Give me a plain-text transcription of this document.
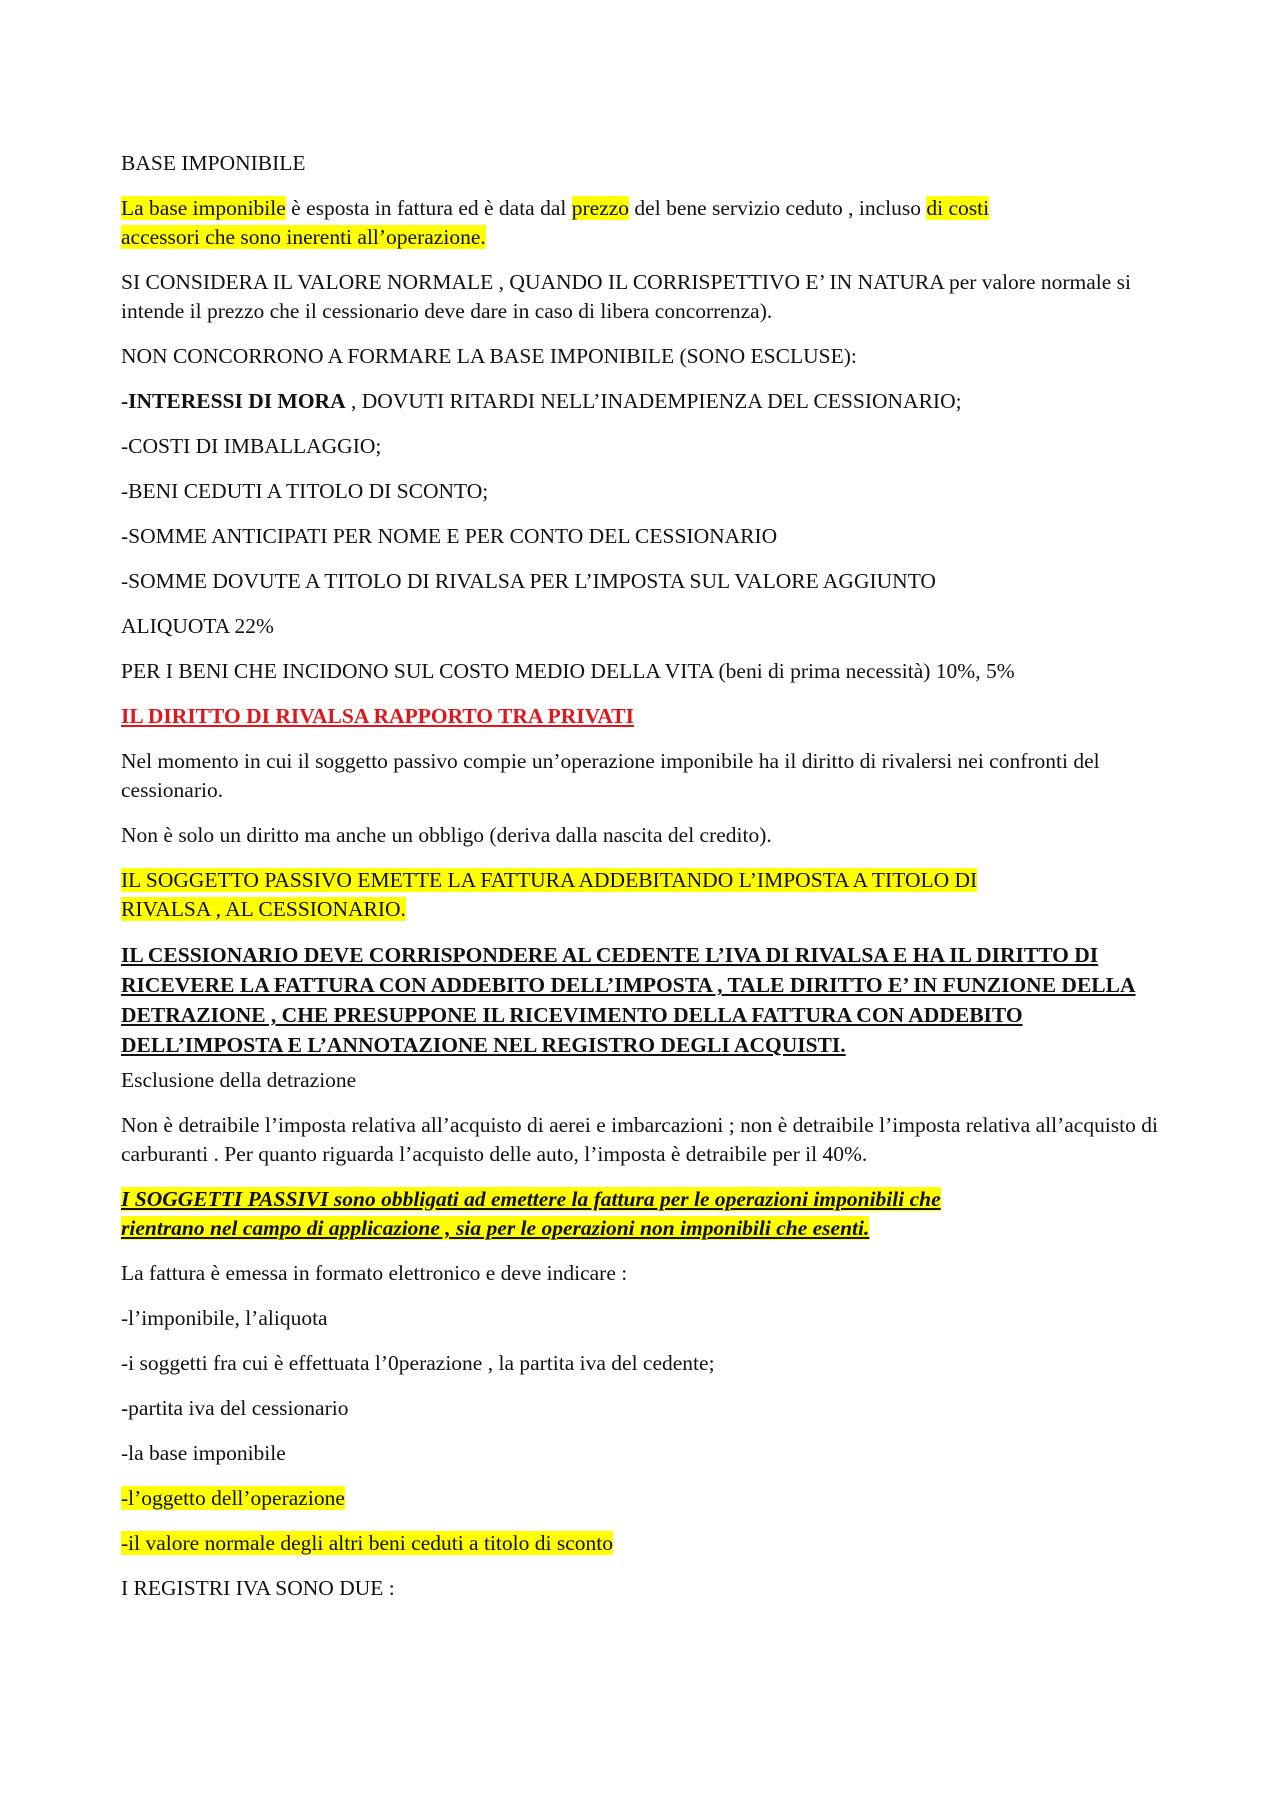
BASE IMPONIBILE

La base imponibile è esposta in fattura ed è data dal prezzo del bene servizio ceduto , incluso di costi
accessori che sono inerenti all’operazione.

SI CONSIDERA IL VALORE NORMALE , QUANDO IL CORRISPETTIVO E’ IN NATURA per valore normale si intende il prezzo che il cessionario deve dare in caso di libera concorrenza).

NON CONCORRONO A FORMARE LA BASE IMPONIBILE (SONO ESCLUSE):

-INTERESSI DI MORA , DOVUTI RITARDI NELL’INADEMPIENZA DEL CESSIONARIO;

-COSTI DI IMBALLAGGIO;

-BENI CEDUTI A TITOLO DI SCONTO;

-SOMME ANTICIPATI PER NOME E PER CONTO DEL CESSIONARIO

-SOMME DOVUTE A TITOLO DI RIVALSA PER L’IMPOSTA SUL VALORE AGGIUNTO

ALIQUOTA 22%

PER I BENI CHE INCIDONO SUL COSTO MEDIO DELLA VITA (beni di prima necessità) 10%, 5%

IL DIRITTO DI RIVALSA RAPPORTO TRA PRIVATI

Nel momento in cui il soggetto passivo compie un’operazione imponibile ha il diritto di rivalersi nei confronti del cessionario.

Non è solo un diritto ma anche un obbligo (deriva dalla nascita del credito).

IL SOGGETTO PASSIVO EMETTE LA FATTURA ADDEBITANDO L’IMPOSTA A TITOLO DI
RIVALSA , AL CESSIONARIO.

IL CESSIONARIO DEVE CORRISPONDERE AL CEDENTE L’IVA DI RIVALSA E HA IL DIRITTO DI RICEVERE LA FATTURA CON ADDEBITO DELL’IMPOSTA , TALE DIRITTO E’ IN FUNZIONE DELLA DETRAZIONE , CHE PRESUPPONE IL RICEVIMENTO DELLA FATTURA CON ADDEBITO DELL’IMPOSTA E L’ANNOTAZIONE NEL REGISTRO DEGLI ACQUISTI.

Esclusione della detrazione

Non è detraibile l’imposta relativa all’acquisto di aerei e imbarcazioni ; non è detraibile l’imposta relativa all’acquisto di carburanti . Per quanto riguarda l’acquisto delle auto, l’imposta è detraibile per il 40%.

I SOGGETTI PASSIVI sono obbligati ad emettere la fattura per le operazioni imponibili che
rientrano nel campo di applicazione , sia per le operazioni non imponibili che esenti.

La fattura è emessa in formato elettronico e deve indicare :

-l’imponibile, l’aliquota

-i soggetti fra cui è effettuata l’0perazione , la partita iva del cedente;

-partita iva del cessionario

-la base imponibile

-l’oggetto dell’operazione

-il valore normale degli altri beni ceduti a titolo di sconto

I REGISTRI IVA SONO DUE :
